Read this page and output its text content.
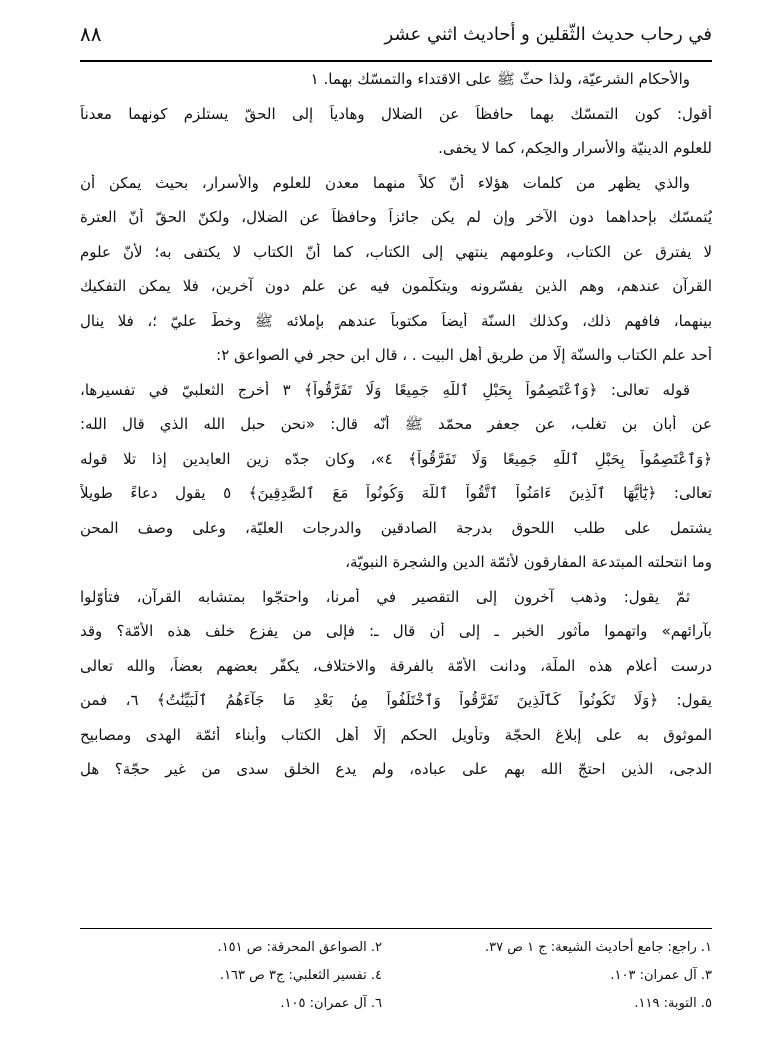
في رحاب حديث الثّقلين و أحاديث اثني عشر
٨٨
والأحكام الشرعيّة، ولذا حثّ ﷺ على الاقتداء والتمسّك بهما. ١
أقول: كون التمسّك بهما حافظاً عن الضلال وهادياً إلى الحقّ يستلزم كونهما معدناً
للعلوم الدينيّة والأسرار والحِكم، كما لا يخفى.
والذي يظهر من كلمات هؤلاء أنّ كلاً منهما معدن للعلوم والأسرار، بحيث يمكن أن
يُتمسّك بإحداهما دون الآخر وإن لم يكن جائزاً وحافظاً عن الضلال، ولكنّ الحقّ أنّ العترة
لا يفترق عن الكتاب، وعلومهم ينتهي إلى الكتاب، كما أنّ الكتاب لا يكتفى به؛ لأنّ علوم
القرآن عندهم، وهم الذين يفسّرونه ويتكلّمون فيه عن علم دون آخرين، فلا يمكن التفكيك
بينهما، فافهم ذلك، وكذلك السنّة أيضاً مكتوباً عندهم بإملائه ﷺ وخطّ عليّ ؛، فلا ينال
أحد علم الكتاب والسنّة إلّا من طريق أهل البيت . ، قال ابن حجر في الصواعق ٢:
قوله تعالى: ﴿وَٱعْتَصِمُواْ بِحَبْلِ ٱللَّهِ جَمِيعًا وَلَا تَفَرَّقُواْ﴾ ٣ أخرج الثعلبيّ في تفسيرها،
عن أبان بن تغلب، عن جعفر محمّد ﷺ أنّه قال: «نحن حبل الله الذي قال الله:
﴿وَٱعْتَصِمُواْ بِحَبْلِ ٱللَّهِ جَمِيعًا وَلَا تَفَرَّقُواْ﴾ ٤»، وكان جدّه زين العابدين إذا تلا قوله
تعالى: ﴿يَٰٓأَيُّهَا ٱلَّذِينَ ءَامَنُواْ ٱتَّقُواْ ٱللَّهَ وَكُونُواْ مَعَ ٱلصَّٰدِقِينَ﴾ ٥ يقول دعاءً طويلاً
يشتمل على طلب اللحوق بدرجة الصادقين والدرجات العليّة، وعلى وصف المحن
وما انتحلته المبتدعة المفارقون لأئمّة الدين والشجرة النبويّة،
ثمّ يقول: وذهب آخرون إلى التقصير في أمرنا، واحتجّوا بمتشابه القرآن، فتأوّلوا
بآرائهم» واتهموا مأثور الخبر ـ إلى أن قال ـ: فإلى من يفزع خلف هذه الأمّة؟ وقد
درست أعلام هذه الملّة، ودانت الأمّة بالفرقة والاختلاف، يكفّر بعضهم بعضاً، والله تعالى
يقول: ﴿وَلَا تَكُونُواْ كَٱلَّذِينَ تَفَرَّقُواْ وَٱخْتَلَفُواْ مِنۢ بَعْدِ مَا جَآءَهُمُ ٱلْبَيِّنَٰتُ﴾ ٦، فمن
الموثوق به على إبلاغ الحجّة وتأويل الحكم إلّا أهل الكتاب وأبناء أئمّة الهدى ومصابيح
الدجى، الذين احتجّ الله بهم على عباده، ولم يدع الخلق سدى من غير حجّة؟ هل
١. راجع: جامع أحاديث الشيعة: ج ١ ص ٣٧.
٢. الصواعق المحرقة: ص ١٥١.
٣. آل عمران: ١٠٣.
٤. تفسير الثعلبي: ج٣ ص ١٦٣.
٥. التوبة: ١١٩.
٦. آل عمران: ١٠٥.
